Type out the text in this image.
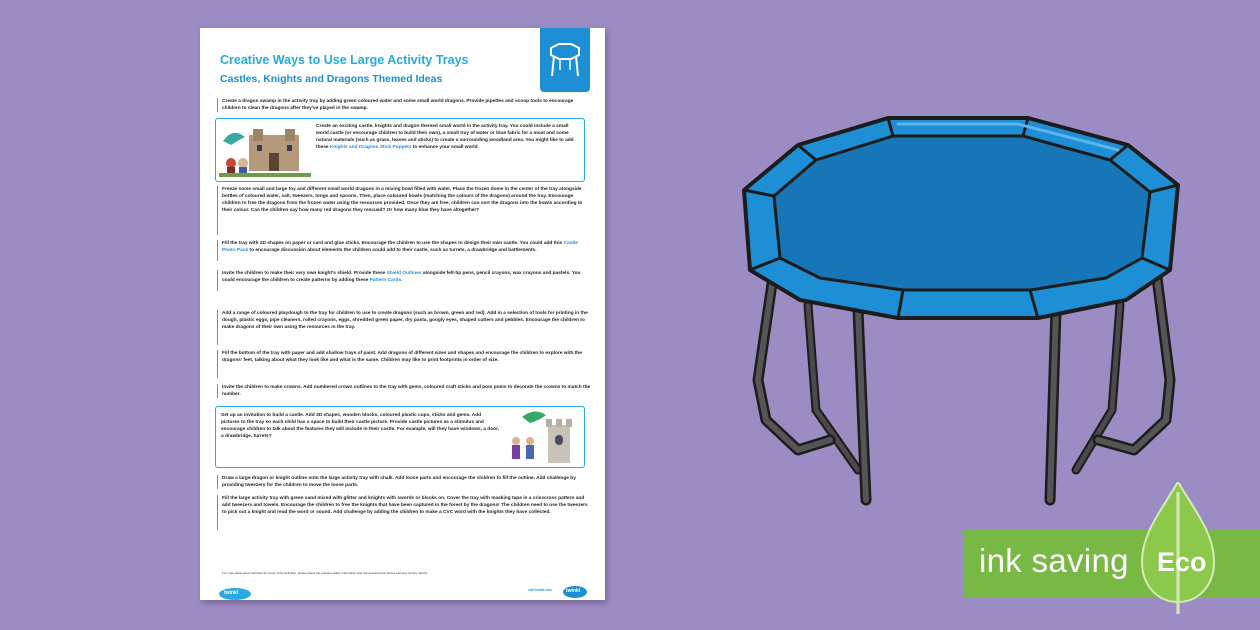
Creative Ways to Use Large Activity Trays
Castles, Knights and Dragons Themed Ideas

Create a dragon swamp in the activity tray by adding green coloured water and some small world dragons. Provide pipettes and scoop tools to encourage children to clean the dragons after they've played in the swamp.

Create an exciting castle, knights and dragon themed small world in the activity tray. You could include a small world castle (or encourage children to build their own), a small tray of water or blue fabric for a moat and some natural materials (such as grass, leaves and sticks) to create a surrounding woodland area. You might like to add these Knights and Dragons Stick Puppets to enhance your small world.

Freeze some small and large toy and different small world dragons in a mixing bowl filled with water. Place the frozen dome in the center of the tray alongside bottles of coloured water, salt, tweezers, tongs and spoons. Then, place coloured bowls (matching the colours of the dragons) around the tray. Encourage children to free the dragons from the frozen water using the resources provided. Once they are free, children can sort the dragons into the bowls according to their colour. Can the children say how many red dragons they rescued? Or how many blue they have altogether?

Fill the tray with 2D shapes on paper or card and glue sticks. Encourage the children to use the shapes to design their own castle. You could add this Castle Photo Pack to encourage discussion about elements the children could add to their castle, such as turrets, a drawbridge and battlements.

Invite the children to make their very own knight's shield. Provide these Shield Outlines alongside felt-tip pens, pencil crayons, wax crayons and pastels. You could encourage the children to create patterns by adding these Pattern Cards.

Add a range of coloured playdough to the tray for children to use to create dragons (such as brown, green and red). Add in a selection of tools for printing in the dough, plastic eggs, pipe cleaners, rolled crayons, eggs, shredded green paper, dry pasta, googly eyes, shaped cutters and pebbles. Encourage the children to make dragons of their own using the resources in the tray.

Fill the bottom of the tray with paper and add shallow trays of paint. Add dragons of different sizes and shapes and encourage the children to explore with the dragons' feet, talking about what they look like and what is the same. Children may like to print footprints in order of size.

Invite the children to make crowns. Add numbered crown outlines to the tray with gems, coloured craft sticks and pom poms to decorate the crowns to match the number.

Set up an invitation to build a castle. Add 3D shapes, wooden blocks, coloured plastic cups, sticks and gems. Add pictures to the tray so each child has a space to build their castle picture. Provide castle pictures as a stimulus and encourage children to talk about the features they will include in their castle. For example, will they have windows, a door, a drawbridge, turrets?

Draw a large dragon or knight outline onto the large activity tray with chalk. Add loose parts and encourage the children to fill the outline. Add challenge by providing tweezers for the children to move the loose parts.

Fill the large activity tray with green sand mixed with glitter and knights with swords or blocks on. Cover the tray with masking tape in a crisscross pattern and add tweezers and towels. Encourage the children to free the knights that have been captured in the forest by the dragons! The children need to use the tweezers to pick out a knight and read the word or sound. Add challenge by adding the children to make a CVC word with the knights they have collected.

For more ideas about activities for some of the activities, please check the relevant safety information and risk assessments before carrying out any activity.

twinkl	visit twinkl.com	twinkl
ink saving Eco
